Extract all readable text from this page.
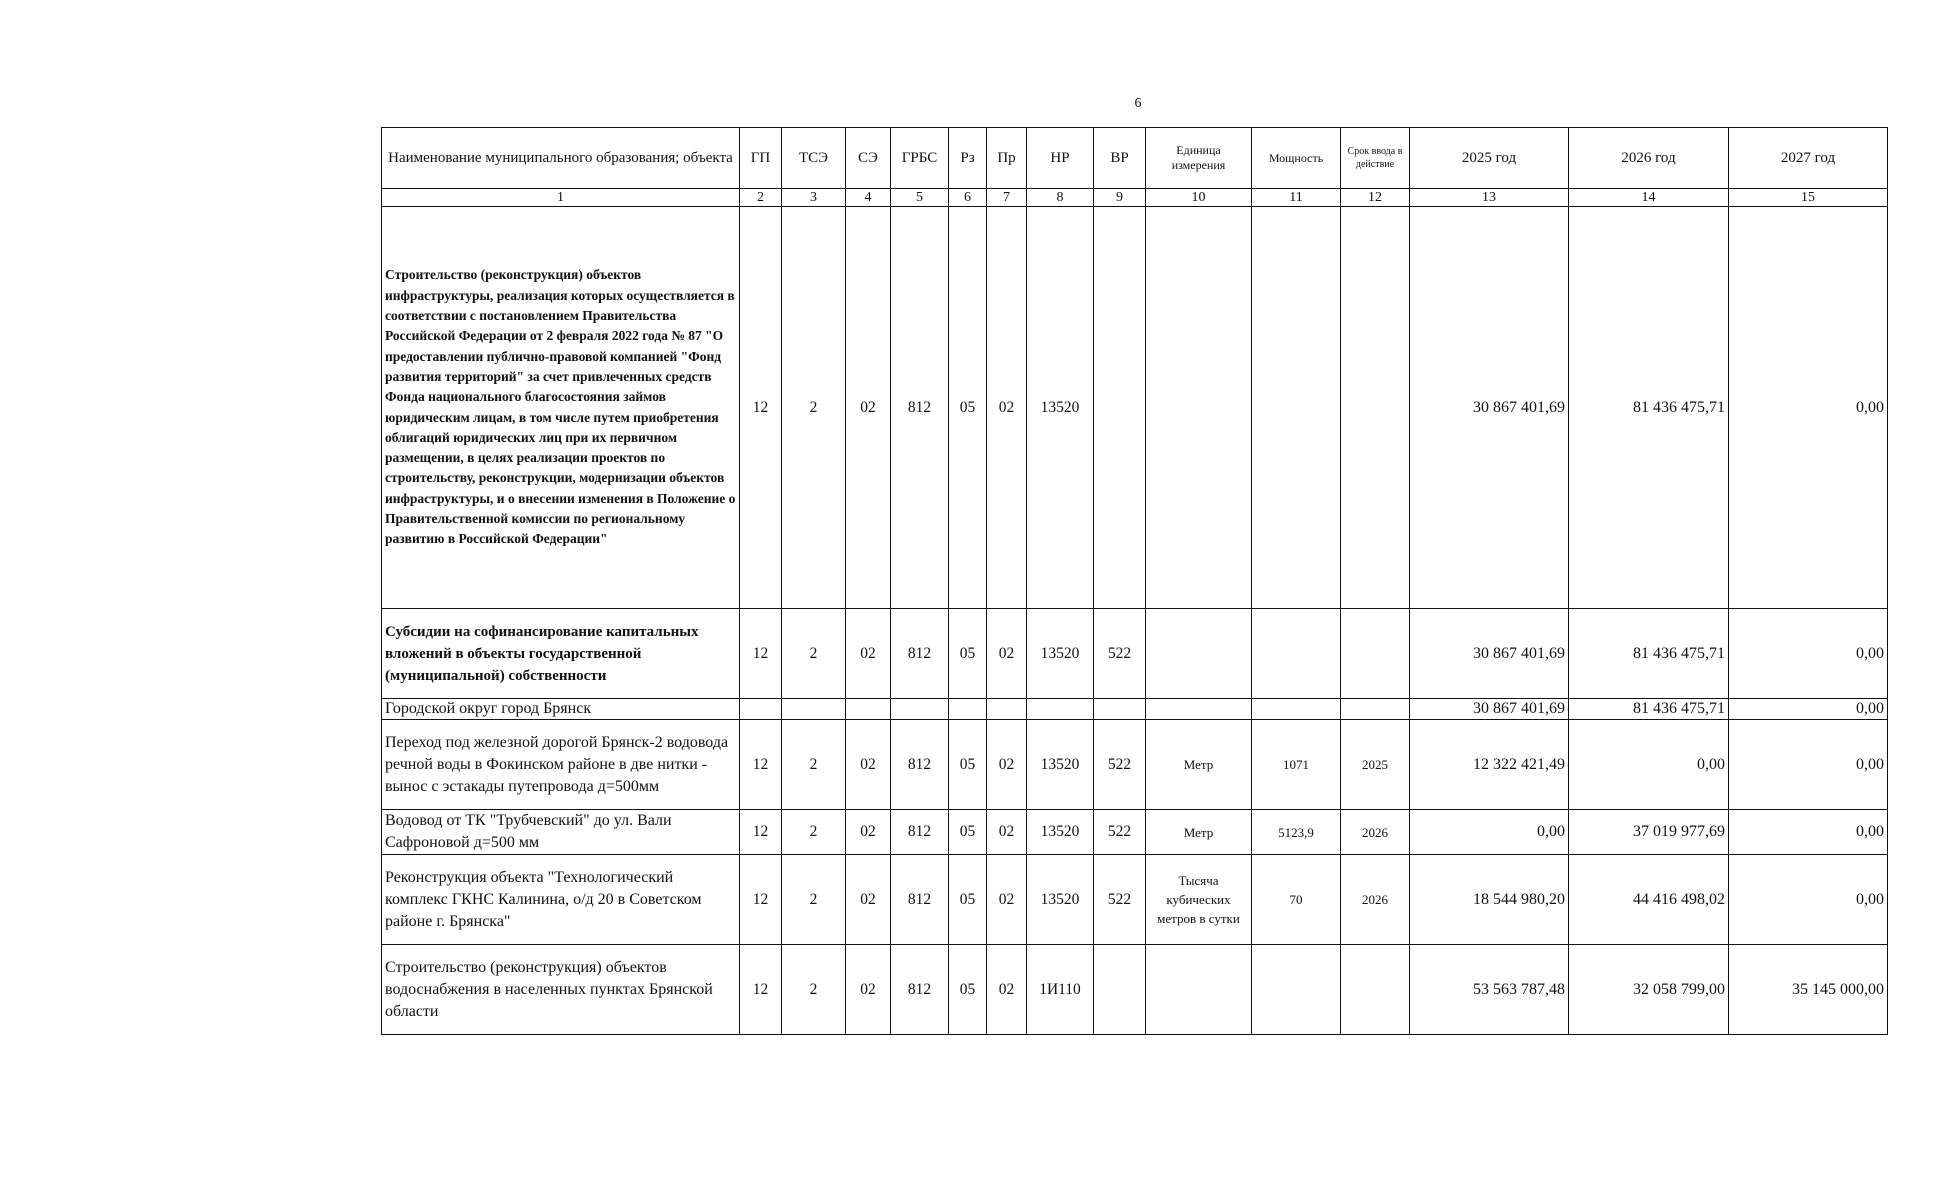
6
Наименование муниципального образования; объекта	ГП	ТСЭ	СЭ	ГРБС	Рз	Пр	НР	ВР	Единица измерения	Мощность	Срок ввода в действие	2025 год	2026 год	2027 год
1	2	3	4	5	6	7	8	9	10	11	12	13	14	15
Строительство (реконструкция) объектов инфраструктуры, реализация которых осуществляется в соответствии с постановлением Правительства Российской Федерации от 2 февраля 2022 года № 87 "О предоставлении публично-правовой компанией "Фонд развития территорий" за счет привлеченных средств Фонда национального благосостояния займов юридическим лицам, в том числе путем приобретения облигаций юридических лиц при их первичном размещении, в целях реализации проектов по строительству, реконструкции, модернизации объектов инфраструктуры, и о внесении изменения в Положение о Правительственной комиссии по региональному развитию в Российской Федерации"	12	2	02	812	05	02	13520					30 867 401,69	81 436 475,71	0,00
Субсидии на софинансирование капитальных вложений в объекты государственной (муниципальной) собственности	12	2	02	812	05	02	13520	522				30 867 401,69	81 436 475,71	0,00
Городской округ город Брянск												30 867 401,69	81 436 475,71	0,00
Переход под железной дорогой Брянск-2 водовода речной воды в Фокинском районе в две нитки - вынос с эстакады путепровода д=500мм	12	2	02	812	05	02	13520	522	Метр	1071	2025	12 322 421,49	0,00	0,00
Водовод от ТК "Трубчевский" до ул. Вали Сафроновой д=500 мм	12	2	02	812	05	02	13520	522	Метр	5123,9	2026	0,00	37 019 977,69	0,00
Реконструкция объекта "Технологический комплекс ГКНС Калинина, о/д 20 в Советском районе г. Брянска"	12	2	02	812	05	02	13520	522	Тысяча кубических метров в сутки	70	2026	18 544 980,20	44 416 498,02	0,00
Строительство (реконструкция) объектов водоснабжения в населенных пунктах Брянской области	12	2	02	812	05	02	1И110					53 563 787,48	32 058 799,00	35 145 000,00
